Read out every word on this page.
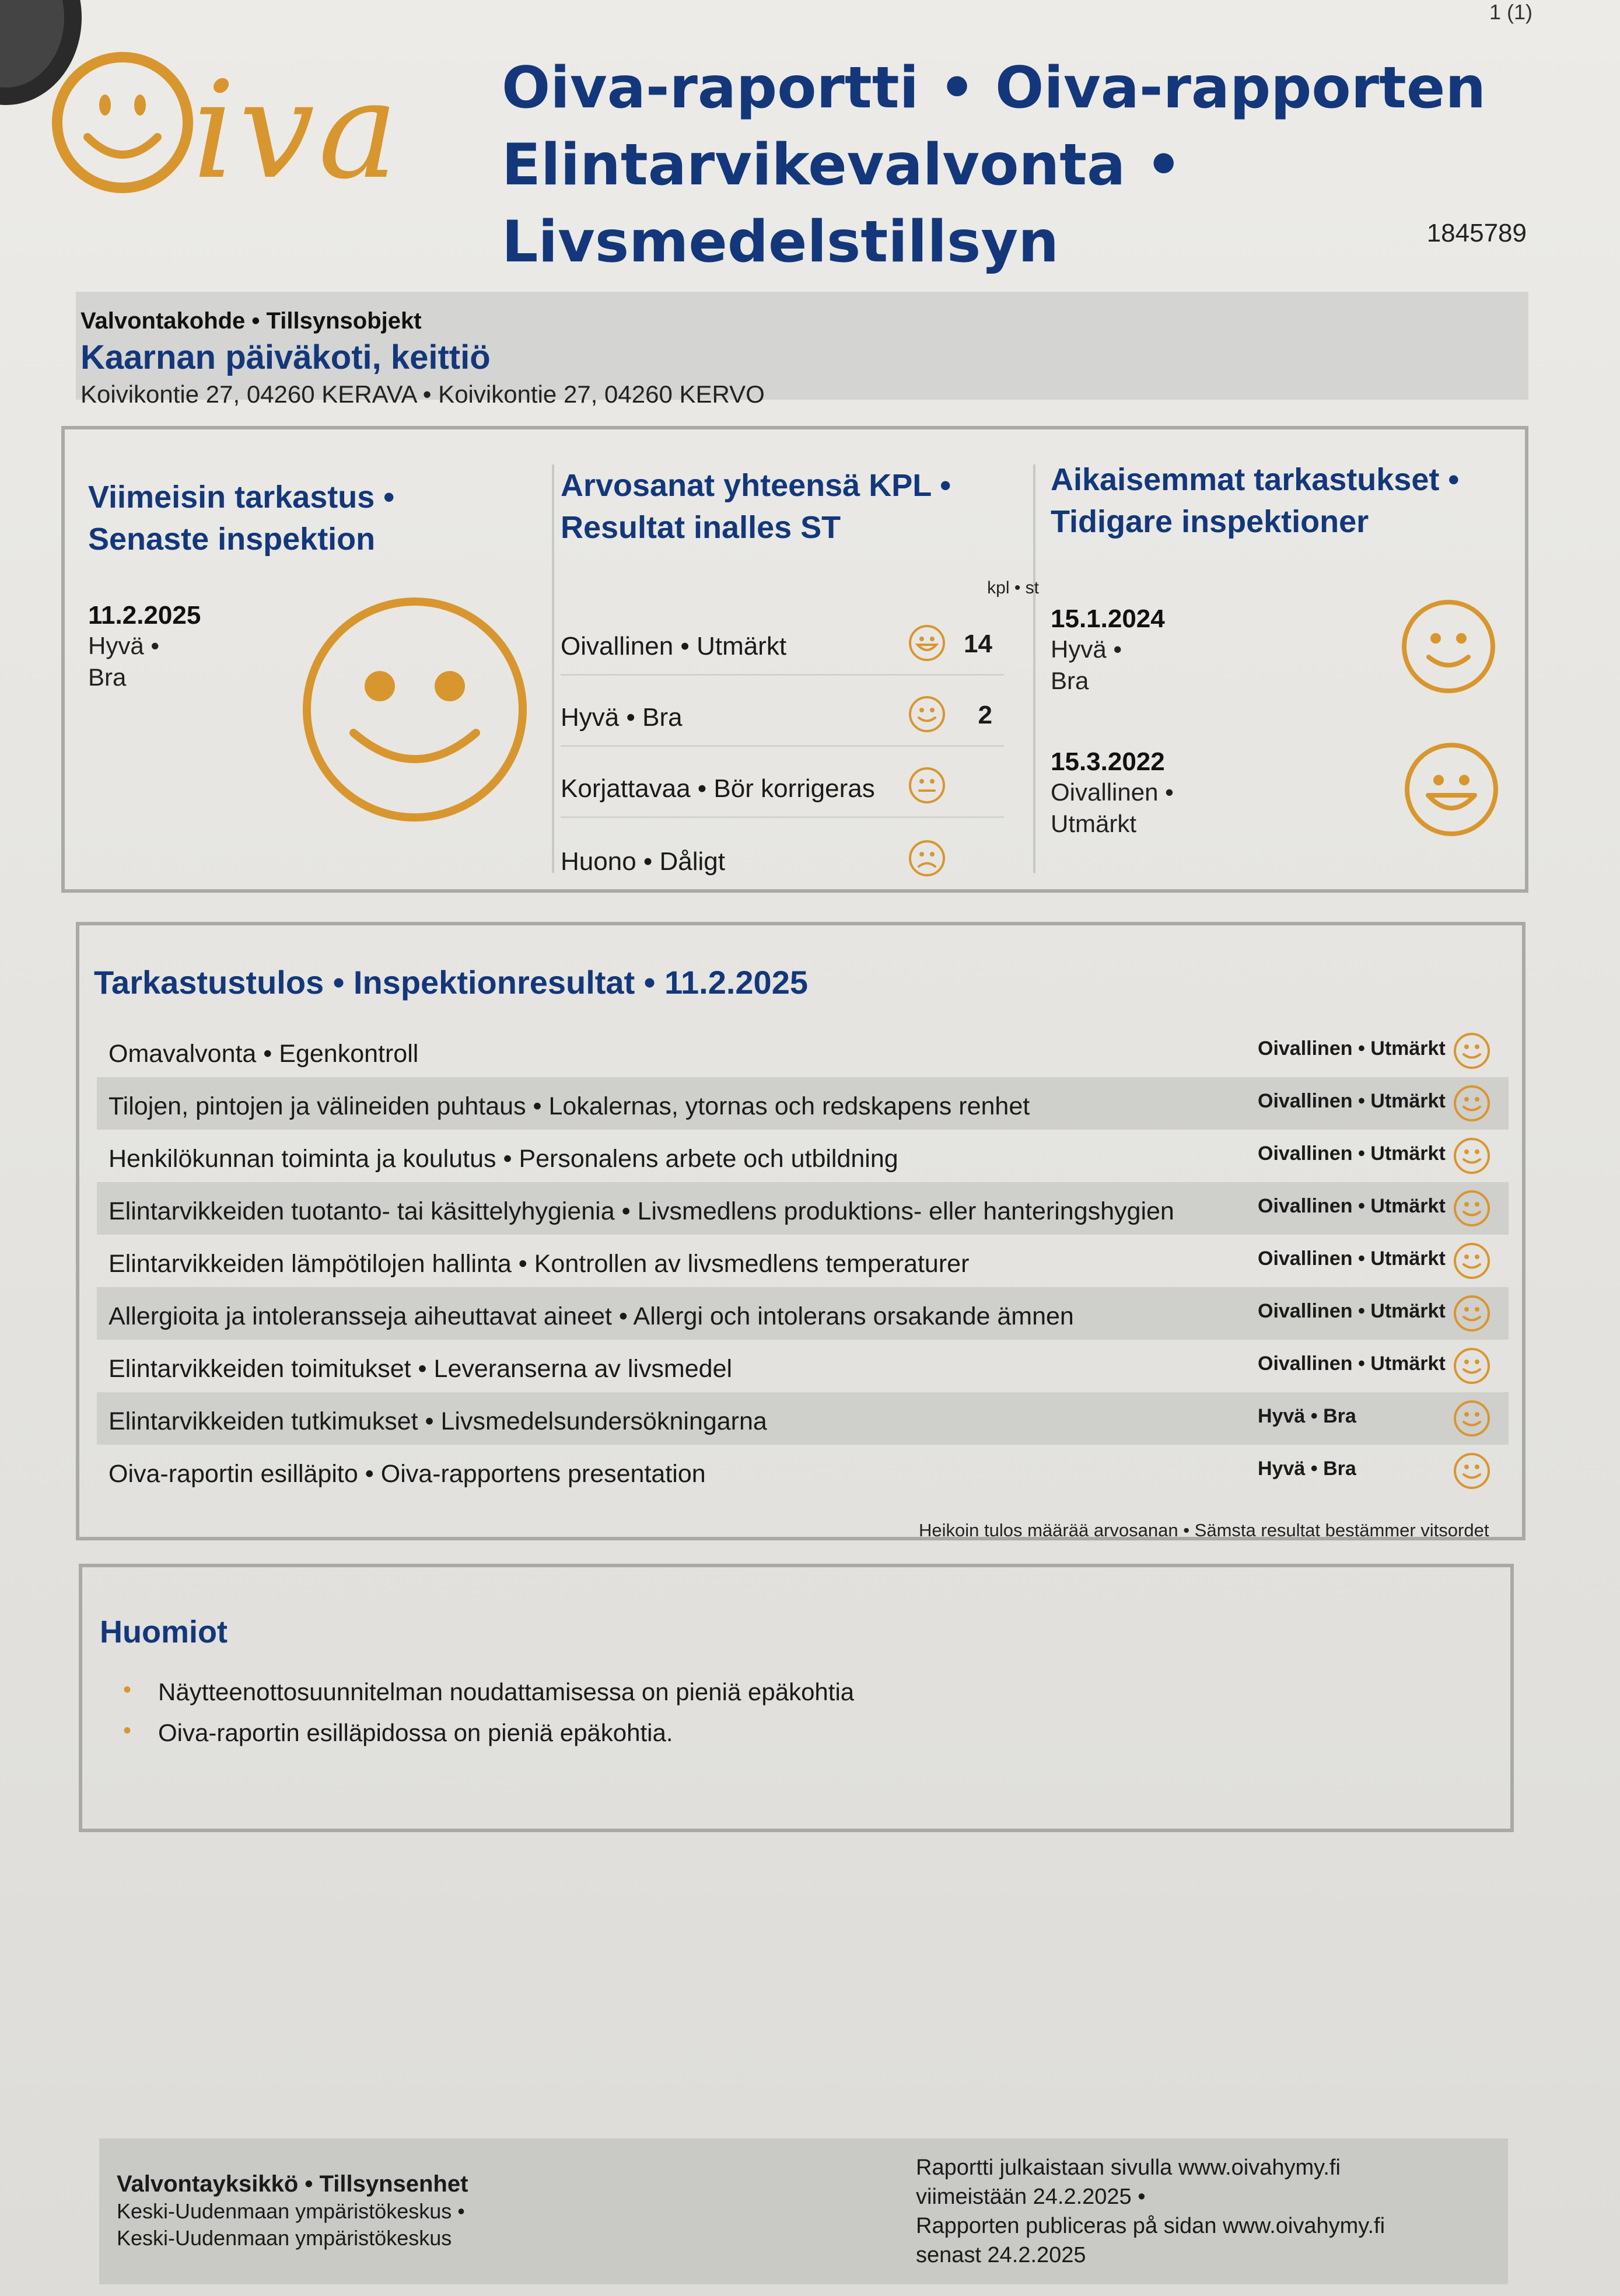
1 (1)
iva Oiva-raportti • Oiva-rapporten
Elintarvikevalvonta • Livsmedelstillsyn	1845789
Valvontakohde • Tillsynsobjekt
Kaarnan päiväkoti, keittiö
Koivikontie 27, 04260 KERAVA • Koivikontie 27, 04260 KERVO
Viimeisin tarkastus •
Senaste inspektion
11.2.2025
Hyvä •
Bra
Arvosanat yhteensä KPL •
Resultat inalles ST
kpl • st
Oivallinen • Utmärkt	14
Hyvä • Bra	2
Korjattavaa • Bör korrigeras
Huono • Dåligt
Aikaisemmat tarkastukset •
Tidigare inspektioner
15.1.2024
Hyvä •
Bra
15.3.2022
Oivallinen •
Utmärkt
Tarkastustulos • Inspektionresultat • 11.2.2025
Omavalvonta • Egenkontroll	Oivallinen • Utmärkt
Tilojen, pintojen ja välineiden puhtaus • Lokalernas, ytornas och redskapens renhet	Oivallinen • Utmärkt
Henkilökunnan toiminta ja koulutus • Personalens arbete och utbildning	Oivallinen • Utmärkt
Elintarvikkeiden tuotanto- tai käsittelyhygienia • Livsmedlens produktions- eller hanteringshygien	Oivallinen • Utmärkt
Elintarvikkeiden lämpötilojen hallinta • Kontrollen av livsmedlens temperaturer	Oivallinen • Utmärkt
Allergioita ja intoleransseja aiheuttavat aineet • Allergi och intolerans orsakande ämnen	Oivallinen • Utmärkt
Elintarvikkeiden toimitukset • Leveranserna av livsmedel	Oivallinen • Utmärkt
Elintarvikkeiden tutkimukset • Livsmedelsundersökningarna	Hyvä • Bra
Oiva-raportin esilläpito • Oiva-rapportens presentation	Hyvä • Bra
Heikoin tulos määrää arvosanan • Sämsta resultat bestämmer vitsordet
Huomiot
• Näytteenottosuunnitelman noudattamisessa on pieniä epäkohtia
• Oiva-raportin esilläpidossa on pieniä epäkohtia.
Valvontayksikkö • Tillsynsenhet
Keski-Uudenmaan ympäristökeskus •
Keski-Uudenmaan ympäristökeskus
Raportti julkaistaan sivulla www.oivahymy.fi
viimeistään 24.2.2025 •
Rapporten publiceras på sidan www.oivahymy.fi
senast 24.2.2025
